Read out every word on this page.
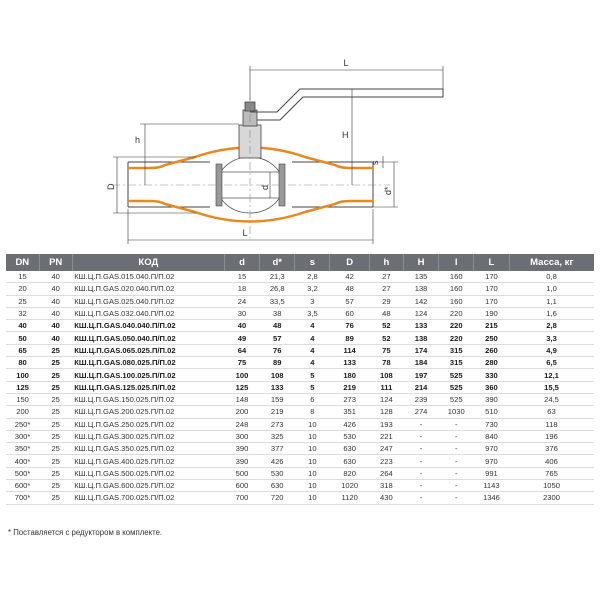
L
H
h
s
d*
D	d
L
DN	PN	КОД	d	d*	s	D	h	H	l	L	Масса, кг
15	40	КШ.Ц.П.GAS.015.040.П/П.02	15	21,3	2,8	42	27	135	160	170	0,8
20	40	КШ.Ц.П.GAS.020.040.П/П.02	18	26,8	3,2	48	27	138	160	170	1,0
25	40	КШ.Ц.П.GAS.025.040.П/П.02	24	33,5	3	57	29	142	160	170	1,1
32	40	КШ.Ц.П.GAS.032.040.П/П.02	30	38	3,5	60	48	124	220	190	1,6
40	40	КШ.Ц.П.GAS.040.040.П/П.02	40	48	4	76	52	133	220	215	2,8
50	40	КШ.Ц.П.GAS.050.040.П/П.02	49	57	4	89	52	138	220	250	3,3
65	25	КШ.Ц.П.GAS.065.025.П/П.02	64	76	4	114	75	174	315	260	4,9
80	25	КШ.Ц.П.GAS.080.025.П/П.02	75	89	4	133	78	184	315	280	6,5
100	25	КШ.Ц.П.GAS.100.025.П/П.02	100	108	5	180	108	197	525	330	12,1
125	25	КШ.Ц.П.GAS.125.025.П/П.02	125	133	5	219	111	214	525	360	15,5
150	25	КШ.Ц.П.GAS.150.025.П/П.02	148	159	6	273	124	239	525	390	24,5
200	25	КШ.Ц.П.GAS.200.025.П/П.02	200	219	8	351	128	274	1030	510	63
250*	25	КШ.Ц.П.GAS.250.025.П/П.02	248	273	10	426	193	-	-	730	118
300*	25	КШ.Ц.П.GAS.300.025.П/П.02	300	325	10	530	221	-	-	840	196
350*	25	КШ.Ц.П.GAS.350.025.П/П.02	390	377	10	630	247	-	-	970	376
400*	25	КШ.Ц.П.GAS.400.025.П/П.02	390	426	10	630	223	-	-	970	406
500*	25	КШ.Ц.П.GAS.500.025.П/П.02	500	530	10	820	264	-	-	991	765
600*	25	КШ.Ц.П.GAS.600.025.П/П.02	600	630	10	1020	318	-	-	1143	1050
700*	25	КШ.Ц.П.GAS.700.025.П/П.02	700	720	10	1120	430	-	-	1346	2300
* Поставляется с редуктором в комплекте.
